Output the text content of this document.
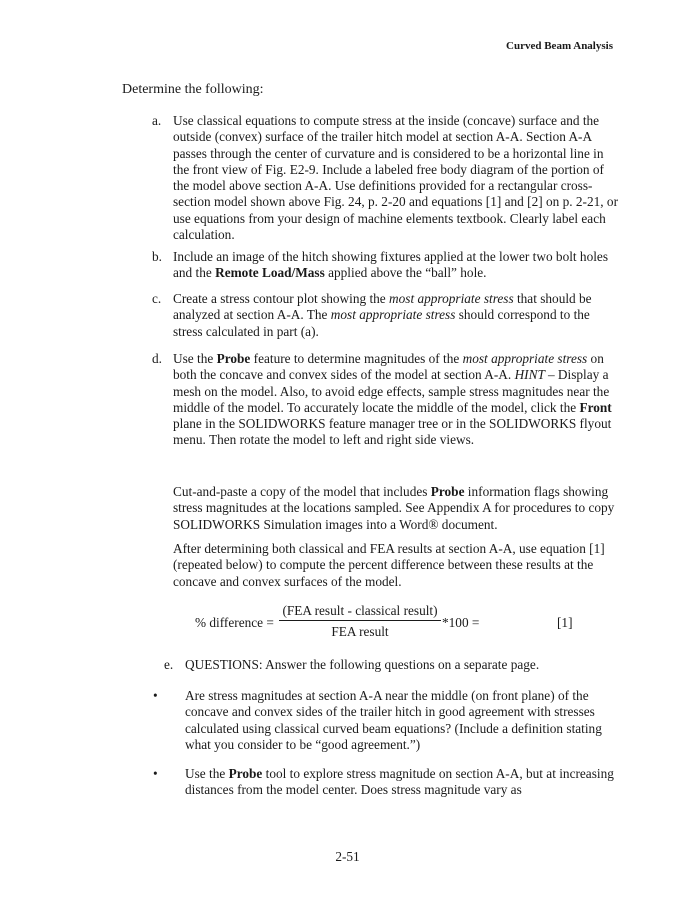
Curved Beam Analysis
Determine the following:
a. Use classical equations to compute stress at the inside (concave) surface and the outside (convex) surface of the trailer hitch model at section A-A. Section A-A passes through the center of curvature and is considered to be a horizontal line in the front view of Fig. E2-9. Include a labeled free body diagram of the portion of the model above section A-A. Use definitions provided for a rectangular cross-section model shown above Fig. 24, p. 2-20 and equations [1] and [2] on p. 2-21, or use equations from your design of machine elements textbook. Clearly label each calculation.
b. Include an image of the hitch showing fixtures applied at the lower two bolt holes and the Remote Load/Mass applied above the “ball” hole.
c. Create a stress contour plot showing the most appropriate stress that should be analyzed at section A-A. The most appropriate stress should correspond to the stress calculated in part (a).
d. Use the Probe feature to determine magnitudes of the most appropriate stress on both the concave and convex sides of the model at section A-A. HINT – Display a mesh on the model. Also, to avoid edge effects, sample stress magnitudes near the middle of the model. To accurately locate the middle of the model, click the Front plane in the SOLIDWORKS feature manager tree or in the SOLIDWORKS flyout menu. Then rotate the model to left and right side views.
Cut-and-paste a copy of the model that includes Probe information flags showing stress magnitudes at the locations sampled. See Appendix A for procedures to copy SOLIDWORKS Simulation images into a Word® document.
After determining both classical and FEA results at section A-A, use equation [1] (repeated below) to compute the percent difference between these results at the concave and convex surfaces of the model.
% difference =
(FEA result - classical result)
FEA result
*100 =	[1]
e. QUESTIONS: Answer the following questions on a separate page.
• Are stress magnitudes at section A-A near the middle (on front plane) of the concave and convex sides of the trailer hitch in good agreement with stresses calculated using classical curved beam equations? (Include a definition stating what you consider to be “good agreement.”)
• Use the Probe tool to explore stress magnitude on section A-A, but at increasing distances from the model center. Does stress magnitude vary as
2-51
